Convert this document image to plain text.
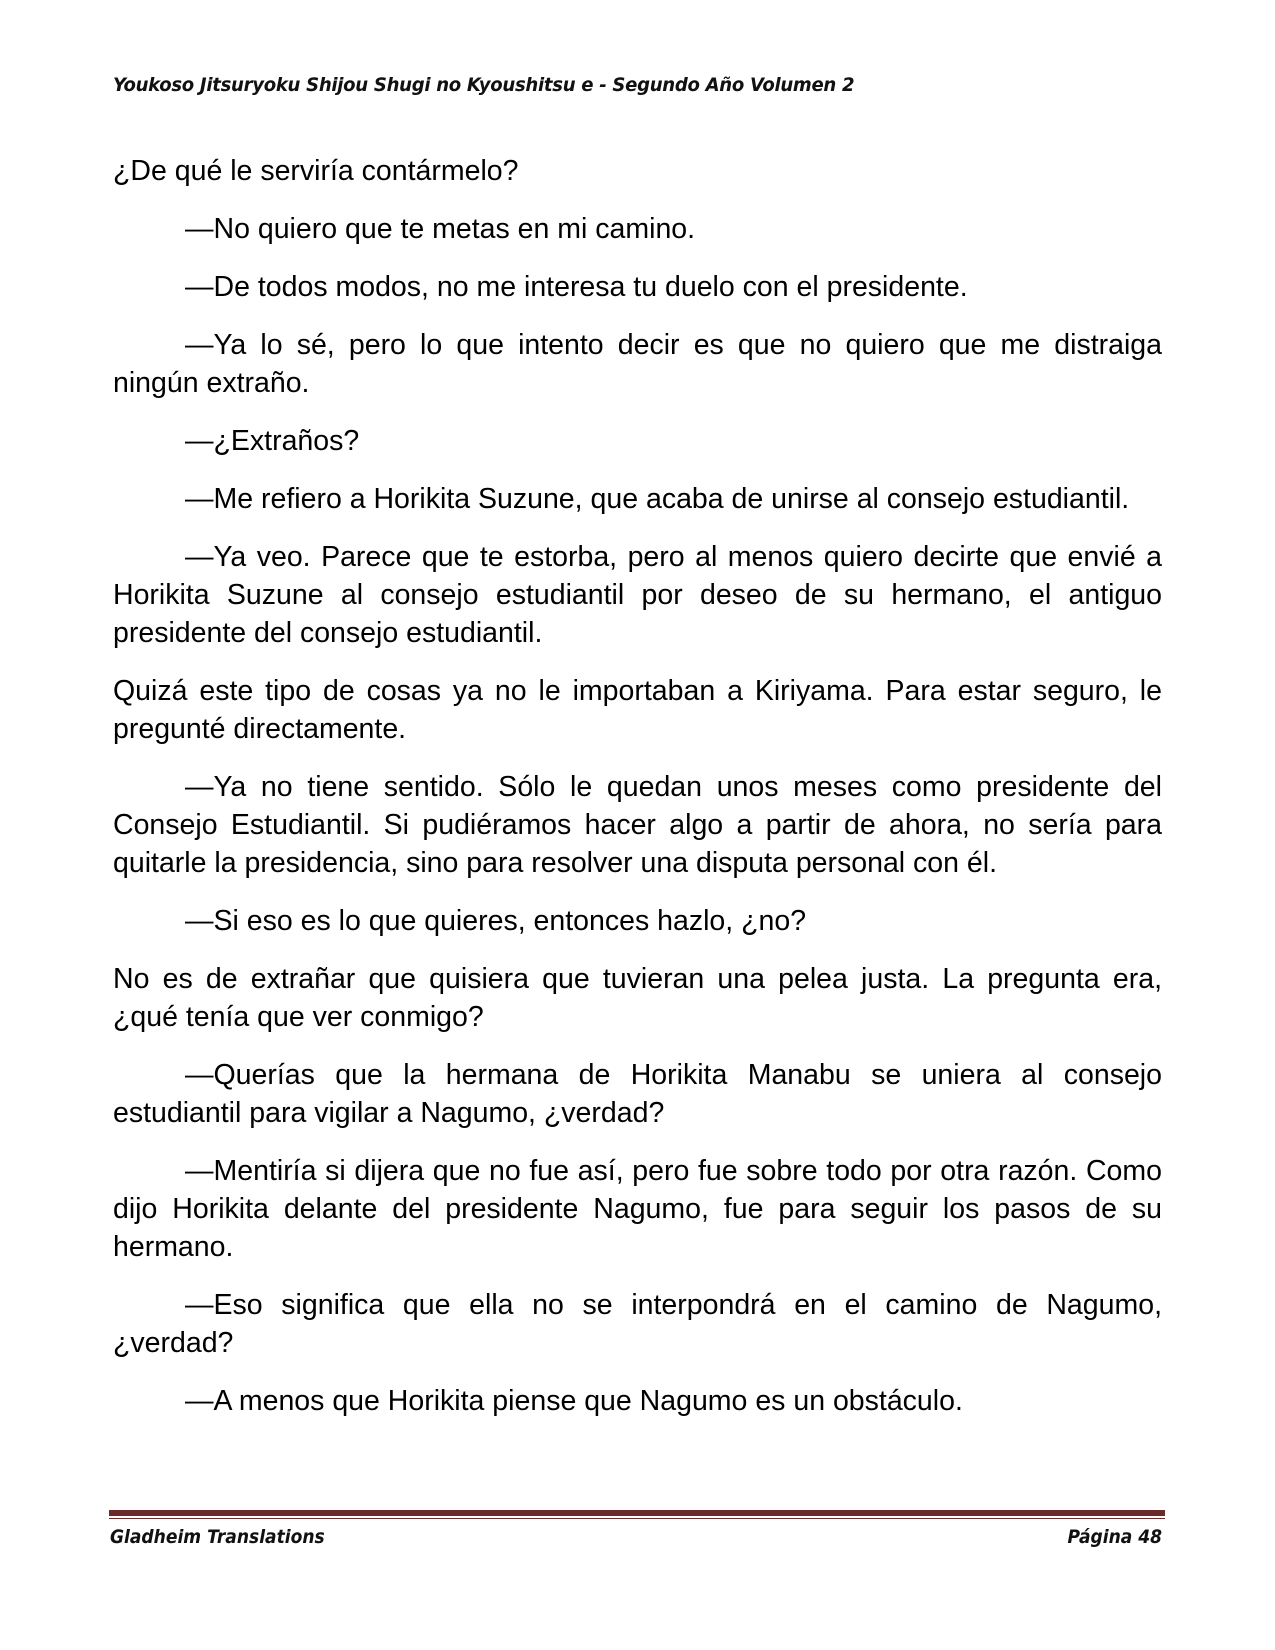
Youkoso Jitsuryoku Shijou Shugi no Kyoushitsu e - Segundo Año Volumen 2

¿De qué le serviría contármelo?

—No quiero que te metas en mi camino.

—De todos modos, no me interesa tu duelo con el presidente.

—Ya lo sé, pero lo que intento decir es que no quiero que me distraiga ningún extraño.

—¿Extraños?

—Me refiero a Horikita Suzune, que acaba de unirse al consejo estudiantil.

—Ya veo. Parece que te estorba, pero al menos quiero decirte que envié a Horikita Suzune al consejo estudiantil por deseo de su hermano, el antiguo presidente del consejo estudiantil.

Quizá este tipo de cosas ya no le importaban a Kiriyama. Para estar seguro, le pregunté directamente.

—Ya no tiene sentido. Sólo le quedan unos meses como presidente del Consejo Estudiantil. Si pudiéramos hacer algo a partir de ahora, no sería para quitarle la presidencia, sino para resolver una disputa personal con él.

—Si eso es lo que quieres, entonces hazlo, ¿no?

No es de extrañar que quisiera que tuvieran una pelea justa. La pregunta era, ¿qué tenía que ver conmigo?

—Querías que la hermana de Horikita Manabu se uniera al consejo estudiantil para vigilar a Nagumo, ¿verdad?

—Mentiría si dijera que no fue así, pero fue sobre todo por otra razón. Como dijo Horikita delante del presidente Nagumo, fue para seguir los pasos de su hermano.

—Eso significa que ella no se interpondrá en el camino de Nagumo, ¿verdad?

—A menos que Horikita piense que Nagumo es un obstáculo.

Gladheim Translations	Página 48
